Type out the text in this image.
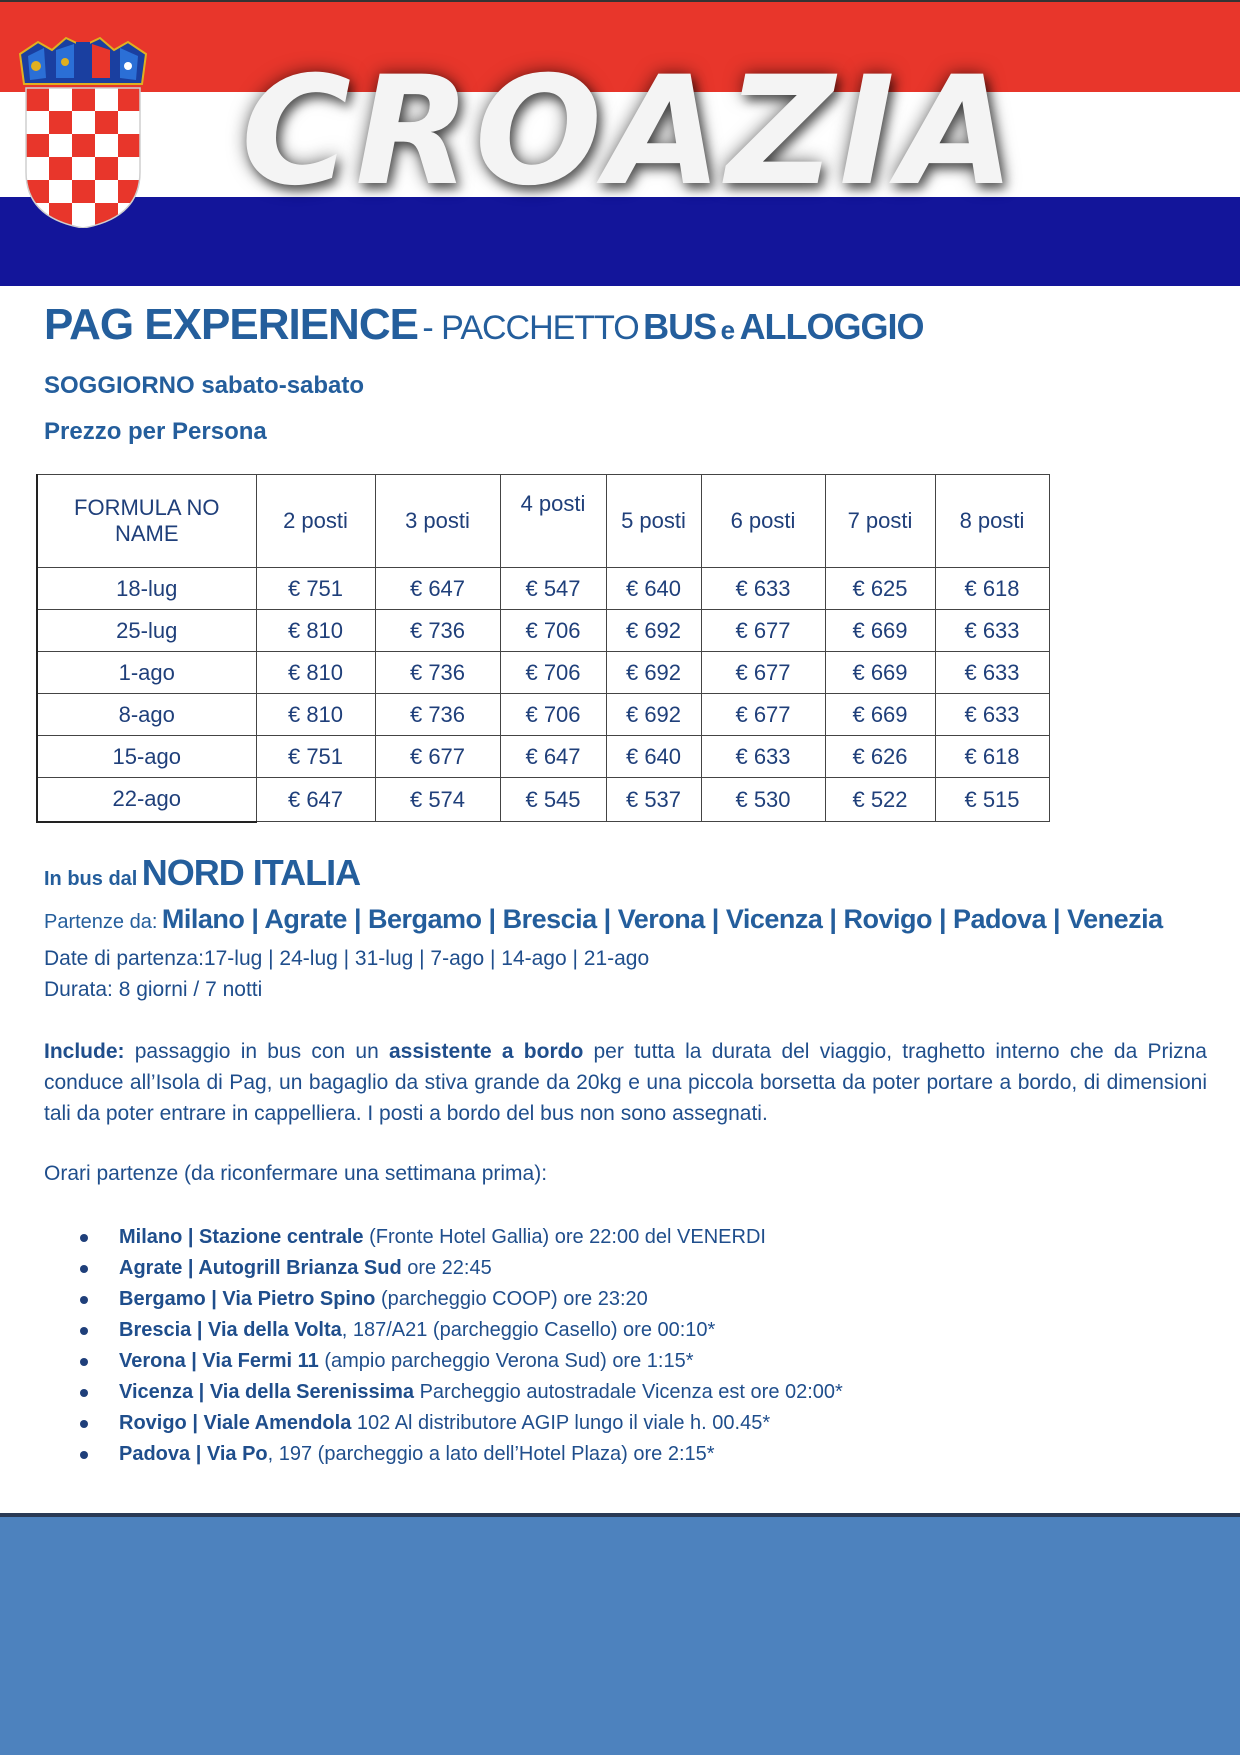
CROAZIA
PAG EXPERIENCE - PACCHETTO BUS e ALLOGGIO
SOGGIORNO sabato-sabato
Prezzo per Persona
FORMULA NO
NAME	2 posti	3 posti	4 posti	5 posti	6 posti	7 posti	8 posti
18-lug	€ 751	€ 647	€ 547	€ 640	€ 633	€ 625	€ 618
25-lug	€ 810	€ 736	€ 706	€ 692	€ 677	€ 669	€ 633
1-ago	€ 810	€ 736	€ 706	€ 692	€ 677	€ 669	€ 633
8-ago	€ 810	€ 736	€ 706	€ 692	€ 677	€ 669	€ 633
15-ago	€ 751	€ 677	€ 647	€ 640	€ 633	€ 626	€ 618
22-ago	€ 647	€ 574	€ 545	€ 537	€ 530	€ 522	€ 515
In bus dal NORD ITALIA
Partenze da: Milano | Agrate | Bergamo | Brescia | Verona | Vicenza | Rovigo | Padova | Venezia
Date di partenza:17-lug | 24-lug | 31-lug | 7-ago | 14-ago | 21-ago
Durata: 8 giorni / 7 notti
Include: passaggio in bus con un assistente a bordo per tutta la durata del viaggio, traghetto interno che da Prizna conduce all’Isola di Pag, un bagaglio da stiva grande da 20kg e una piccola borsetta da poter portare a bordo, di dimensioni tali da poter entrare in cappelliera. I posti a bordo del bus non sono assegnati.
Orari partenze (da riconfermare una settimana prima):
Milano | Stazione centrale (Fronte Hotel Gallia) ore 22:00 del VENERDI
Agrate | Autogrill Brianza Sud ore 22:45
Bergamo | Via Pietro Spino (parcheggio COOP) ore 23:20
Brescia | Via della Volta, 187/A21 (parcheggio Casello) ore 00:10*
Verona | Via Fermi 11 (ampio parcheggio Verona Sud) ore 1:15*
Vicenza | Via della Serenissima Parcheggio autostradale Vicenza est ore 02:00*
Rovigo | Viale Amendola 102 Al distributore AGIP lungo il viale h. 00.45*
Padova | Via Po, 197 (parcheggio a lato dell’Hotel Plaza) ore 2:15*
